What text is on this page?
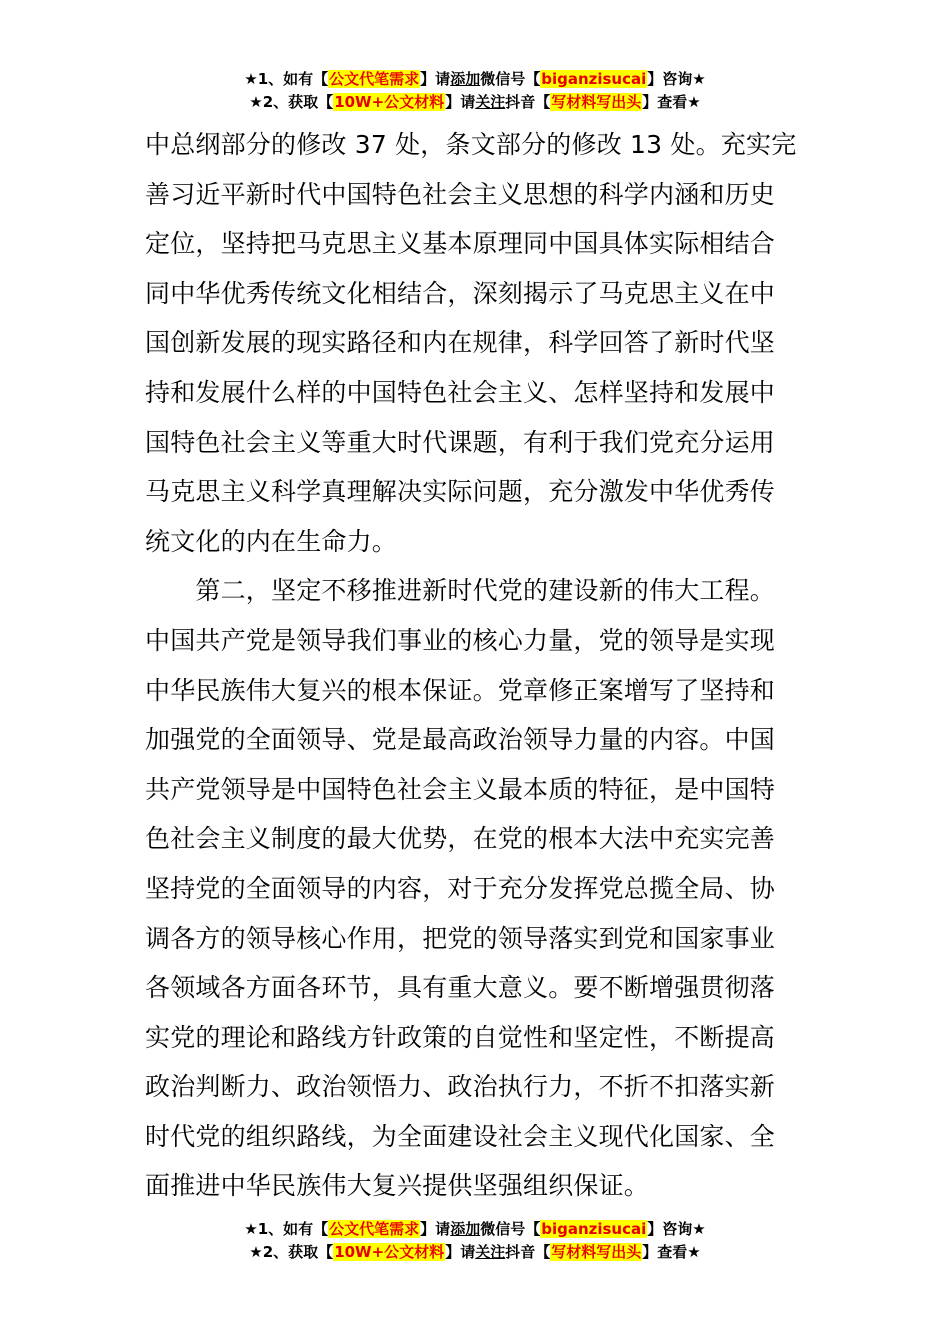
★1、如有【公文代笔需求】请添加微信号【biganzisucai】咨询★
★2、获取【10W+公文材料】请关注抖音【写材料写出头】查看★

中总纲部分的修改 37 处，条文部分的修改 13 处。充实完
善习近平新时代中国特色社会主义思想的科学内涵和历史
定位，坚持把马克思主义基本原理同中国具体实际相结合
同中华优秀传统文化相结合，深刻揭示了马克思主义在中
国创新发展的现实路径和内在规律，科学回答了新时代坚
持和发展什么样的中国特色社会主义、怎样坚持和发展中
国特色社会主义等重大时代课题，有利于我们党充分运用
马克思主义科学真理解决实际问题，充分激发中华优秀传
统文化的内在生命力。

　　第二，坚定不移推进新时代党的建设新的伟大工程。
中国共产党是领导我们事业的核心力量，党的领导是实现
中华民族伟大复兴的根本保证。党章修正案增写了坚持和
加强党的全面领导、党是最高政治领导力量的内容。中国
共产党领导是中国特色社会主义最本质的特征，是中国特
色社会主义制度的最大优势，在党的根本大法中充实完善
坚持党的全面领导的内容，对于充分发挥党总揽全局、协
调各方的领导核心作用，把党的领导落实到党和国家事业
各领域各方面各环节，具有重大意义。要不断增强贯彻落
实党的理论和路线方针政策的自觉性和坚定性，不断提高
政治判断力、政治领悟力、政治执行力，不折不扣落实新
时代党的组织路线，为全面建设社会主义现代化国家、全
面推进中华民族伟大复兴提供坚强组织保证。

★1、如有【公文代笔需求】请添加微信号【biganzisucai】咨询★
★2、获取【10W+公文材料】请关注抖音【写材料写出头】查看★
